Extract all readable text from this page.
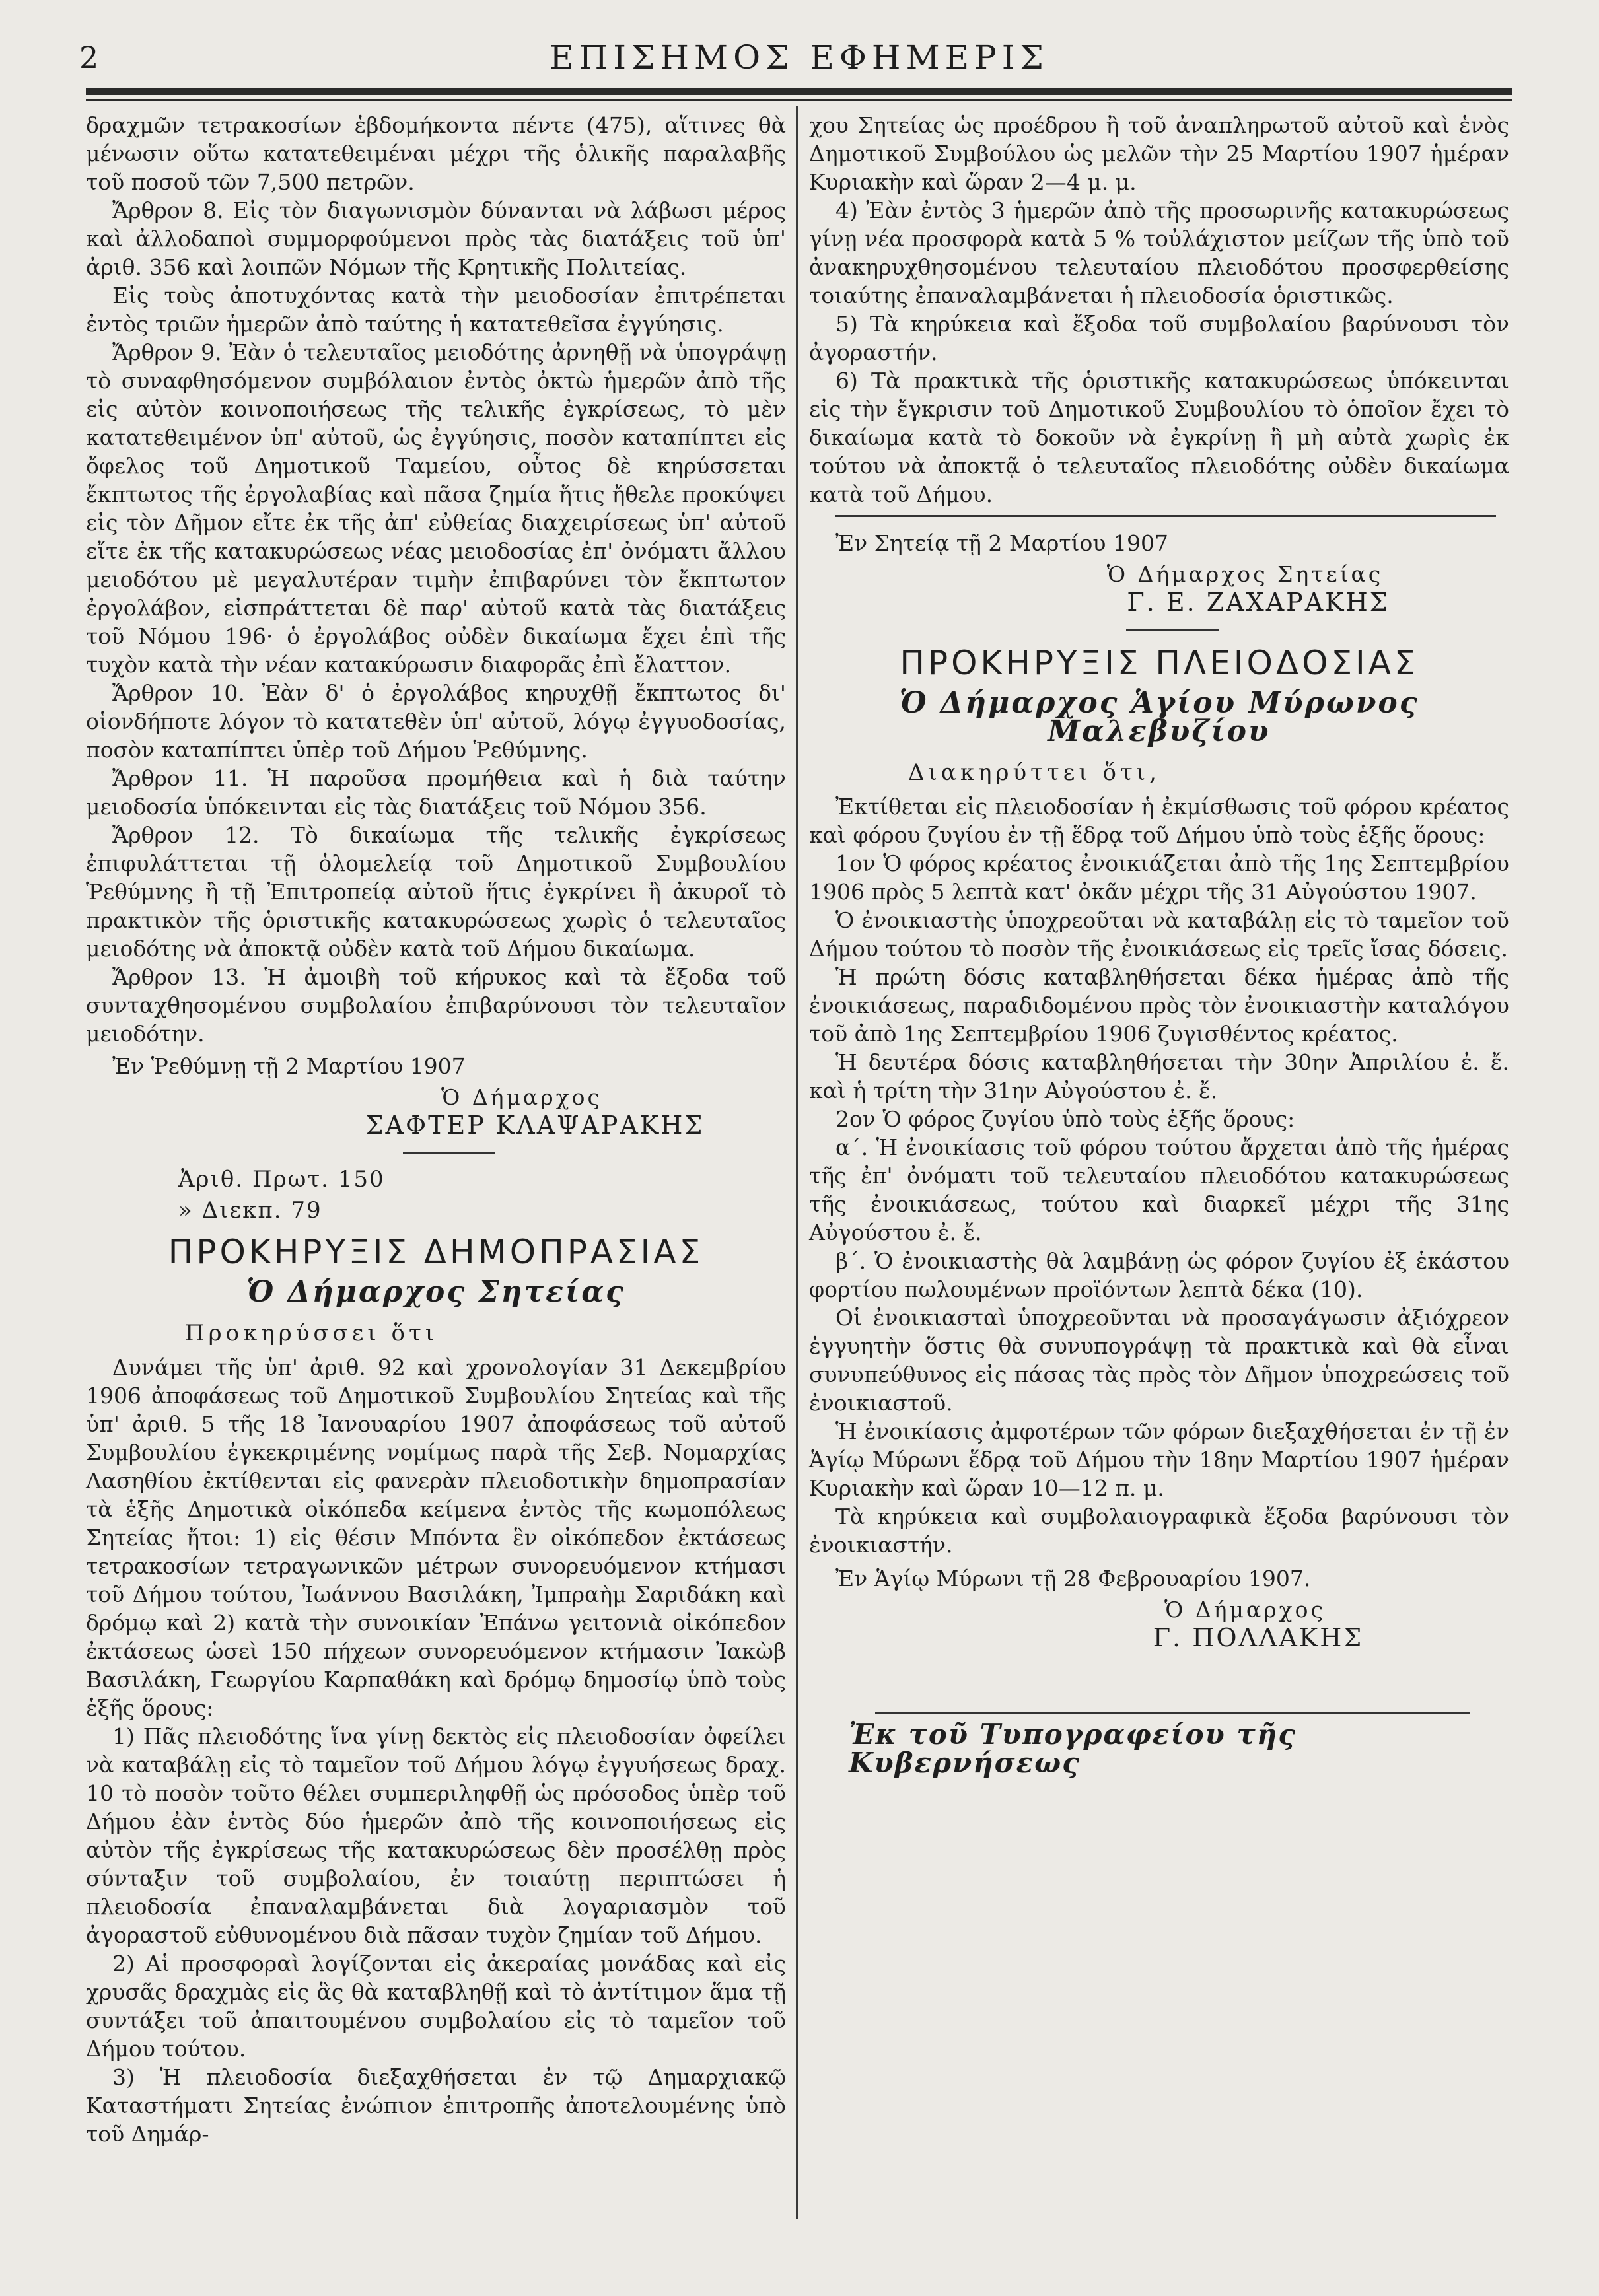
2	ΕΠΙΣΗΜΟΣ ΕΦΗΜΕΡΙΣ

δραχμῶν τετρακοσίων ἑβδομήκοντα πέντε (475), αἵτινες θὰ μένωσιν οὕτω κατατεθειμέναι μέχρι τῆς ὁλικῆς παραλαβῆς τοῦ ποσοῦ τῶν 7,500 πετρῶν.

Ἄρθρον 8. Εἰς τὸν διαγωνισμὸν δύνανται νὰ λάβωσι μέρος καὶ ἀλλοδαποὶ συμμορφούμενοι πρὸς τὰς διατάξεις τοῦ ὑπ' ἀριθ. 356 καὶ λοιπῶν Νόμων τῆς Κρητικῆς Πολιτείας.

Εἰς τοὺς ἀποτυχόντας κατὰ τὴν μειοδοσίαν ἐπιτρέπεται ἐντὸς τριῶν ἡμερῶν ἀπὸ ταύτης ἡ κατατεθεῖσα ἐγγύησις.

Ἄρθρον 9. Ἐὰν ὁ τελευταῖος μειοδότης ἀρνηθῇ νὰ ὑπογράψῃ τὸ συναφθησόμενον συμβόλαιον ἐντὸς ὀκτὼ ἡμερῶν ἀπὸ τῆς εἰς αὐτὸν κοινοποιήσεως τῆς τελικῆς ἐγκρίσεως, τὸ μὲν κατατεθειμένον ὑπ' αὐτοῦ, ὡς ἐγγύησις, ποσὸν καταπίπτει εἰς ὄφελος τοῦ Δημοτικοῦ Ταμείου, οὗτος δὲ κηρύσσεται ἔκπτωτος τῆς ἐργολαβίας καὶ πᾶσα ζημία ἥτις ἤθελε προκύψει εἰς τὸν Δῆμον εἴτε ἐκ τῆς ἀπ' εὐθείας διαχειρίσεως ὑπ' αὐτοῦ εἴτε ἐκ τῆς κατακυρώσεως νέας μειοδοσίας ἐπ' ὀνόματι ἄλλου μειοδότου μὲ μεγαλυτέραν τιμὴν ἐπιβαρύνει τὸν ἔκπτωτον ἐργολάβον, εἰσπράττεται δὲ παρ' αὐτοῦ κατὰ τὰς διατάξεις τοῦ Νόμου 196· ὁ ἐργολάβος οὐδὲν δικαίωμα ἔχει ἐπὶ τῆς τυχὸν κατὰ τὴν νέαν κατακύρωσιν διαφορᾶς ἐπὶ ἔλαττον.

Ἄρθρον 10. Ἐὰν δ' ὁ ἐργολάβος κηρυχθῇ ἔκπτωτος δι' οἱονδήποτε λόγον τὸ κατατεθὲν ὑπ' αὐτοῦ, λόγῳ ἐγγυοδοσίας, ποσὸν καταπίπτει ὑπὲρ τοῦ Δήμου Ῥεθύμνης.

Ἄρθρον 11. Ἡ παροῦσα προμήθεια καὶ ἡ διὰ ταύτην μειοδοσία ὑπόκεινται εἰς τὰς διατάξεις τοῦ Νόμου 356.

Ἄρθρον 12. Τὸ δικαίωμα τῆς τελικῆς ἐγκρίσεως ἐπιφυλάττεται τῇ ὁλομελείᾳ τοῦ Δημοτικοῦ Συμβουλίου Ῥεθύμνης ἢ τῇ Ἐπιτροπείᾳ αὐτοῦ ἥτις ἐγκρίνει ἢ ἀκυροῖ τὸ πρακτικὸν τῆς ὁριστικῆς κατακυρώσεως χωρὶς ὁ τελευταῖος μειοδότης νὰ ἀποκτᾷ οὐδὲν κατὰ τοῦ Δήμου δικαίωμα.

Ἄρθρον 13. Ἡ ἀμοιβὴ τοῦ κήρυκος καὶ τὰ ἔξοδα τοῦ συνταχθησομένου συμβολαίου ἐπιβαρύνουσι τὸν τελευταῖον μειοδότην.

Ἐν Ῥεθύμνῃ τῇ 2 Μαρτίου 1907
Ὁ Δήμαρχος
ΣΑΦΤΕΡ ΚΛΑΨΑΡΑΚΗΣ
Ἀριθ. Πρωτ. 150
» Διεκπ. 79
ΠΡΟΚΗΡΥΞΙΣ ΔΗΜΟΠΡΑΣΙΑΣ
Ὁ Δήμαρχος Σητείας
Προκηρύσσει ὅτι

Δυνάμει τῆς ὑπ' ἀριθ. 92 καὶ χρονολογίαν 31 Δεκεμβρίου 1906 ἀποφάσεως τοῦ Δημοτικοῦ Συμβουλίου Σητείας καὶ τῆς ὑπ' ἀριθ. 5 τῆς 18 Ἰανουαρίου 1907 ἀποφάσεως τοῦ αὐτοῦ Συμβουλίου ἐγκεκριμένης νομίμως παρὰ τῆς Σεβ. Νομαρχίας Λασηθίου ἐκτίθενται εἰς φανερὰν πλειοδοτικὴν δημοπρασίαν τὰ ἑξῆς Δημοτικὰ οἰκόπεδα κείμενα ἐντὸς τῆς κωμοπόλεως Σητείας ἤτοι: 1) εἰς θέσιν Μπόντα ἓν οἰκόπεδον ἐκτάσεως τετρακοσίων τετραγωνικῶν μέτρων συνορευόμενον κτήμασι τοῦ Δήμου τούτου, Ἰωάννου Βασιλάκη, Ἰμπραὴμ Σαριδάκη καὶ δρόμῳ καὶ 2) κατὰ τὴν συνοικίαν Ἐπάνω γειτονιὰ οἰκόπεδον ἐκτάσεως ὡσεὶ 150 πήχεων συνορευόμενον κτήμασιν Ἰακὼβ Βασιλάκη, Γεωργίου Καρπαθάκη καὶ δρόμῳ δημοσίῳ ὑπὸ τοὺς ἑξῆς ὅρους:

1) Πᾶς πλειοδότης ἵνα γίνῃ δεκτὸς εἰς πλειοδοσίαν ὀφείλει νὰ καταβάλῃ εἰς τὸ ταμεῖον τοῦ Δήμου λόγῳ ἐγγυήσεως δραχ. 10 τὸ ποσὸν τοῦτο θέλει συμπεριληφθῇ ὡς πρόσοδος ὑπὲρ τοῦ Δήμου ἐὰν ἐντὸς δύο ἡμερῶν ἀπὸ τῆς κοινοποιήσεως εἰς αὐτὸν τῆς ἐγκρίσεως τῆς κατακυρώσεως δὲν προσέλθῃ πρὸς σύνταξιν τοῦ συμβολαίου, ἐν τοιαύτῃ περιπτώσει ἡ πλειοδοσία ἐπαναλαμβάνεται διὰ λογαριασμὸν τοῦ ἀγοραστοῦ εὐθυνομένου διὰ πᾶσαν τυχὸν ζημίαν τοῦ Δήμου.

2) Αἱ προσφοραὶ λογίζονται εἰς ἀκεραίας μονάδας καὶ εἰς χρυσᾶς δραχμὰς εἰς ἃς θὰ καταβληθῇ καὶ τὸ ἀντίτιμον ἅμα τῇ συντάξει τοῦ ἀπαιτουμένου συμβολαίου εἰς τὸ ταμεῖον τοῦ Δήμου τούτου.

3) Ἡ πλειοδοσία διεξαχθήσεται ἐν τῷ Δημαρχιακῷ Καταστήματι Σητείας ἐνώπιον ἐπιτροπῆς ἀποτελουμένης ὑπὸ τοῦ Δημάρ-

χου Σητείας ὡς προέδρου ἢ τοῦ ἀναπληρωτοῦ αὐτοῦ καὶ ἑνὸς Δημοτικοῦ Συμβούλου ὡς μελῶν τὴν 25 Μαρτίου 1907 ἡμέραν Κυριακὴν καὶ ὥραν 2—4 μ. μ.

4) Ἐὰν ἐντὸς 3 ἡμερῶν ἀπὸ τῆς προσωρινῆς κατακυρώσεως γίνῃ νέα προσφορὰ κατὰ 5 % τοὐλάχιστον μείζων τῆς ὑπὸ τοῦ ἀνακηρυχθησομένου τελευταίου πλειοδότου προσφερθείσης τοιαύτης ἐπαναλαμβάνεται ἡ πλειοδοσία ὁριστικῶς.

5) Τὰ κηρύκεια καὶ ἔξοδα τοῦ συμβολαίου βαρύνουσι τὸν ἀγοραστήν.

6) Τὰ πρακτικὰ τῆς ὁριστικῆς κατακυρώσεως ὑπόκεινται εἰς τὴν ἔγκρισιν τοῦ Δημοτικοῦ Συμβουλίου τὸ ὁποῖον ἔχει τὸ δικαίωμα κατὰ τὸ δοκοῦν νὰ ἐγκρίνῃ ἢ μὴ αὐτὰ χωρὶς ἐκ τούτου νὰ ἀποκτᾷ ὁ τελευταῖος πλειοδότης οὐδὲν δικαίωμα κατὰ τοῦ Δήμου.

Ἐν Σητείᾳ τῇ 2 Μαρτίου 1907
Ὁ Δήμαρχος Σητείας
Γ. Ε. ΖΑΧΑΡΑΚΗΣ
ΠΡΟΚΗΡΥΞΙΣ ΠΛΕΙΟΔΟΣΙΑΣ
Ὁ Δήμαρχος Ἁγίου Μύρωνος Μαλεβυζίου
Διακηρύττει ὅτι,

Ἐκτίθεται εἰς πλειοδοσίαν ἡ ἐκμίσθωσις τοῦ φόρου κρέατος καὶ φόρου ζυγίου ἐν τῇ ἕδρᾳ τοῦ Δήμου ὑπὸ τοὺς ἑξῆς ὅρους:

1ον Ὁ φόρος κρέατος ἐνοικιάζεται ἀπὸ τῆς 1ης Σεπτεμβρίου 1906 πρὸς 5 λεπτὰ κατ' ὀκᾶν μέχρι τῆς 31 Αὐγούστου 1907.

Ὁ ἐνοικιαστὴς ὑποχρεοῦται νὰ καταβάλῃ εἰς τὸ ταμεῖον τοῦ Δήμου τούτου τὸ ποσὸν τῆς ἐνοικιάσεως εἰς τρεῖς ἴσας δόσεις.

Ἡ πρώτη δόσις καταβληθήσεται δέκα ἡμέρας ἀπὸ τῆς ἐνοικιάσεως, παραδιδομένου πρὸς τὸν ἐνοικιαστὴν καταλόγου τοῦ ἀπὸ 1ης Σεπτεμβρίου 1906 ζυγισθέντος κρέατος.

Ἡ δευτέρα δόσις καταβληθήσεται τὴν 30ην Ἀπριλίου ἐ. ἔ. καὶ ἡ τρίτη τὴν 31ην Αὐγούστου ἐ. ἔ.

2ον Ὁ φόρος ζυγίου ὑπὸ τοὺς ἑξῆς ὅρους:

α΄. Ἡ ἐνοικίασις τοῦ φόρου τούτου ἄρχεται ἀπὸ τῆς ἡμέρας τῆς ἐπ' ὀνόματι τοῦ τελευταίου πλειοδότου κατακυρώσεως τῆς ἐνοικιάσεως, τούτου καὶ διαρκεῖ μέχρι τῆς 31ης Αὐγούστου ἐ. ἔ.

β΄. Ὁ ἐνοικιαστὴς θὰ λαμβάνῃ ὡς φόρον ζυγίου ἐξ ἑκάστου φορτίου πωλουμένων προϊόντων λεπτὰ δέκα (10).

Οἱ ἐνοικιασταὶ ὑποχρεοῦνται νὰ προσαγάγωσιν ἀξιόχρεον ἐγγυητὴν ὅστις θὰ συνυπογράψῃ τὰ πρακτικὰ καὶ θὰ εἶναι συνυπεύθυνος εἰς πάσας τὰς πρὸς τὸν Δῆμον ὑποχρεώσεις τοῦ ἐνοικιαστοῦ.

Ἡ ἐνοικίασις ἀμφοτέρων τῶν φόρων διεξαχθήσεται ἐν τῇ ἐν Ἁγίῳ Μύρωνι ἕδρᾳ τοῦ Δήμου τὴν 18ην Μαρτίου 1907 ἡμέραν Κυριακὴν καὶ ὥραν 10—12 π. μ.

Τὰ κηρύκεια καὶ συμβολαιογραφικὰ ἔξοδα βαρύνουσι τὸν ἐνοικιαστήν.

Ἐν Ἁγίῳ Μύρωνι τῇ 28 Φεβρουαρίου 1907.
Ὁ Δήμαρχος
Γ. ΠΟΛΛΑΚΗΣ
Ἐκ τοῦ Τυπογραφείου τῆς Κυβερνήσεως
